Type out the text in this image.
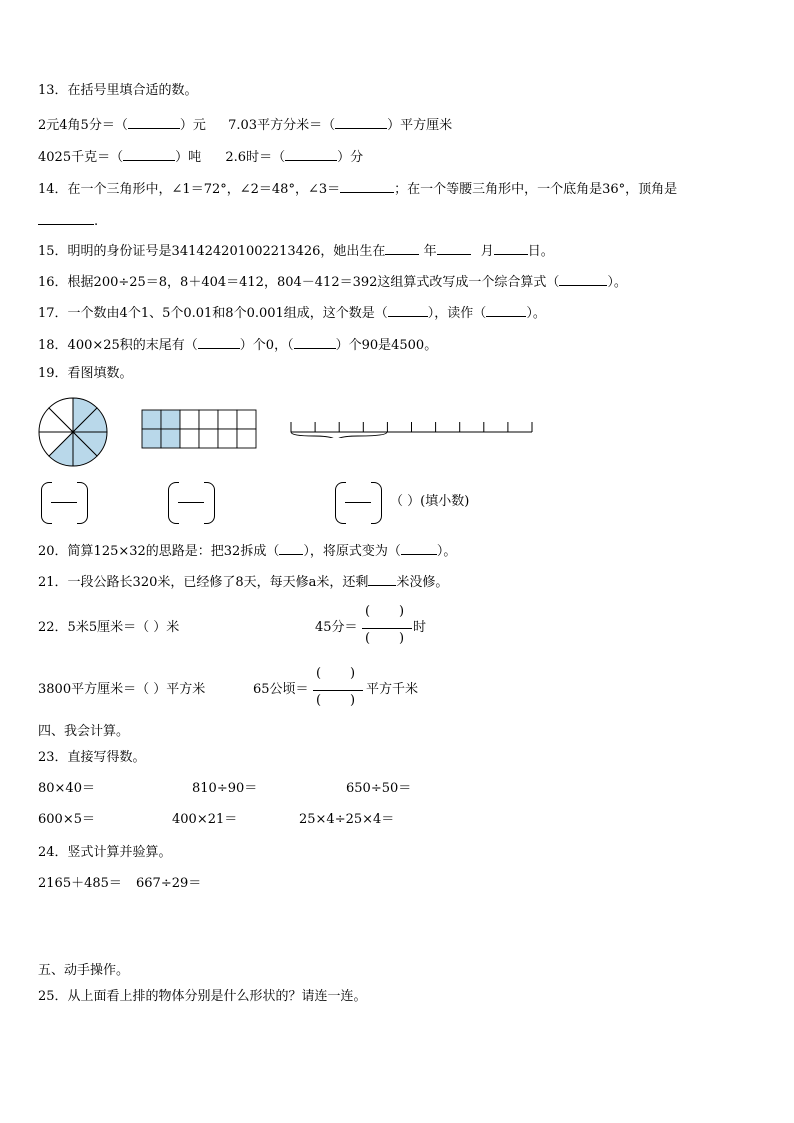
13．在括号里填合适的数。
2元4角5分＝（	）元 7.03平方分米＝（	）平方厘米
4025千克＝（	）吨 2.6时＝（	）分
14．在一个三角形中，∠1＝72°，∠2＝48°，∠3＝	；在一个等腰三角形中，一个底角是36°，顶角是
.
15．明明的身份证号是341424201002213426，她出生在	年	月	日。
16．根据200÷25＝8，8＋404＝412，804－412＝392这组算式改写成一个综合算式（	）。
17．一个数由4个1、5个0.01和8个0.001组成，这个数是（	），读作（	）。
18．400×25积的末尾有（	）个0，（	）个90是4500。
19．看图填数。
（ ）(填小数)
20．简算125×32的思路是：把32拆成（ ），将原式变为（	）。
21．一段公路长320米，已经修了8天，每天修a米，还剩 米没修。
22．5米5厘米＝（ ）米	45分＝
(       )
(       )
时
3800平方厘米＝（ ）平方米	65公顷＝
(       )
(       )
平方千米
四、我会计算。
23．直接写得数。
80×40＝	810÷90＝	650÷50＝
600×5＝	400×21＝	25×4÷25×4＝
24．竖式计算并验算。
2165＋485＝ 667÷29＝
五、动手操作。
25．从上面看上排的物体分别是什么形状的？请连一连。
